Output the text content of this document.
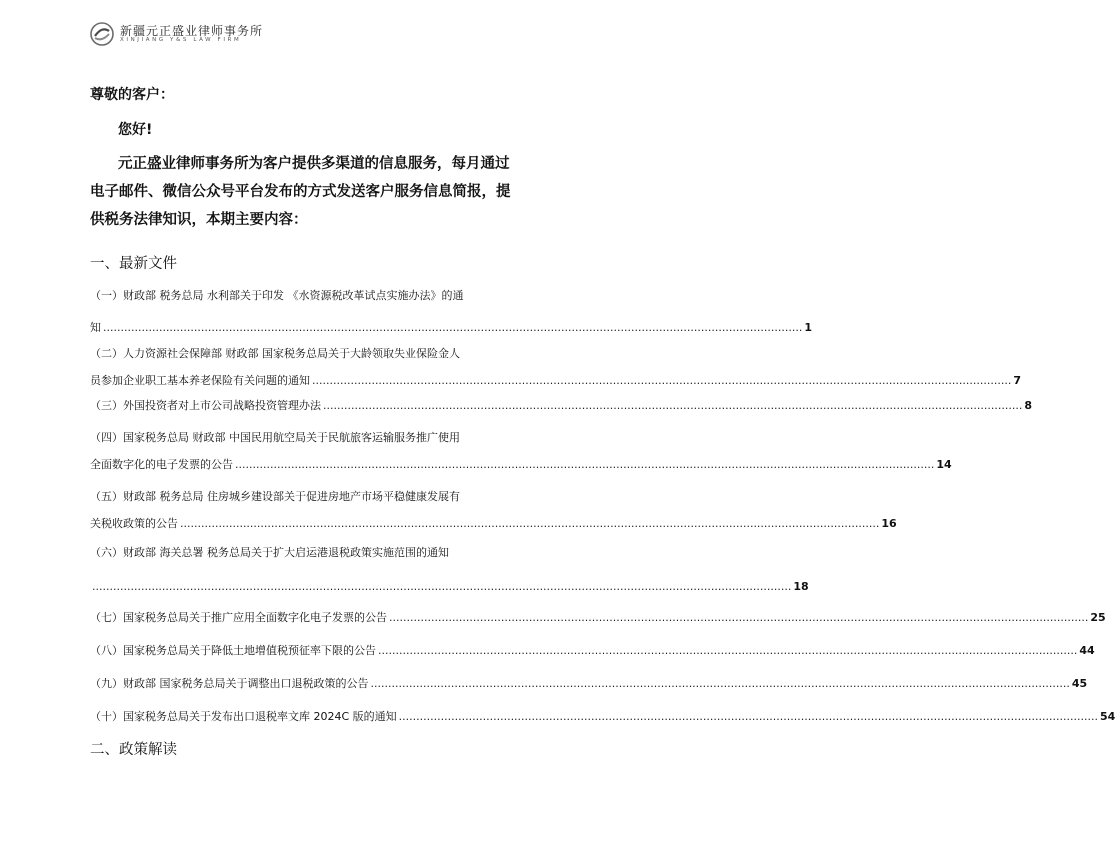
新疆元正盛业律师事务所
XINJIANG Y&S LAW FIRM
尊敬的客户：
您好!
元正盛业律师事务所为客户提供多渠道的信息服务，每月通过电子邮件、微信公众号平台发布的方式发送客户服务信息简报，提供税务法律知识，本期主要内容：
一、最新文件
（一）财政部 税务总局 水利部关于印发 《水资源税改革试点实施办法》的通
知 ........................................................................................................................................................................................................ 1
（二）人力资源社会保障部 财政部 国家税务总局关于大龄领取失业保险金人
员参加企业职工基本养老保险有关问题的通知 ........................................................................................................................................................................................................ 7
（三）外国投资者对上市公司战略投资管理办法 ........................................................................................................................................................................................................ 8
（四）国家税务总局 财政部 中国民用航空局关于民航旅客运输服务推广使用
全面数字化的电子发票的公告 ........................................................................................................................................................................................................ 14
（五）财政部 税务总局 住房城乡建设部关于促进房地产市场平稳健康发展有
关税收政策的公告 ........................................................................................................................................................................................................ 16
（六）财政部 海关总署 税务总局关于扩大启运港退税政策实施范围的通知
........................................................................................................................................................................................................ 18
（七）国家税务总局关于推广应用全面数字化电子发票的公告 ........................................................................................................................................................................................................ 25
（八）国家税务总局关于降低土地增值税预征率下限的公告 ........................................................................................................................................................................................................ 44
（九）财政部 国家税务总局关于调整出口退税政策的公告 ........................................................................................................................................................................................................ 45
（十）国家税务总局关于发布出口退税率文库 2024C 版的通知 ........................................................................................................................................................................................................ 54
二、政策解读
